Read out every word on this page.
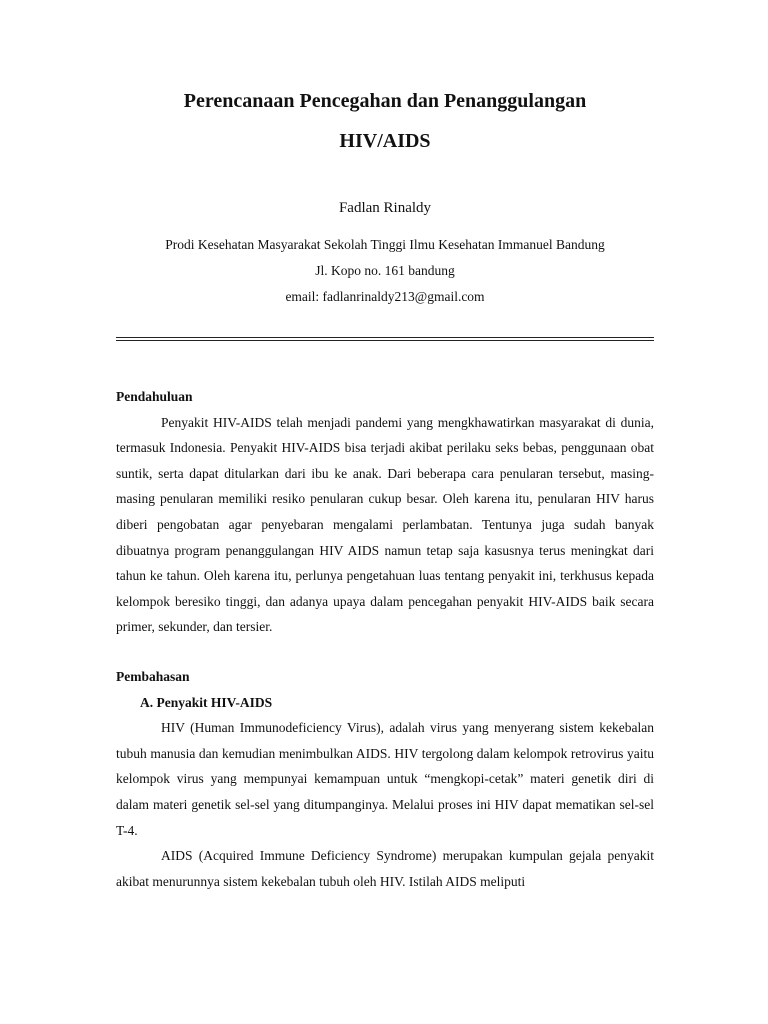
Perencanaan Pencegahan dan Penanggulangan
HIV/AIDS
Fadlan Rinaldy
Prodi Kesehatan Masyarakat Sekolah Tinggi Ilmu Kesehatan Immanuel Bandung
Jl. Kopo no. 161 bandung
email: fadlanrinaldy213@gmail.com
Pendahuluan

Penyakit HIV-AIDS telah menjadi pandemi yang mengkhawatirkan masyarakat di dunia, termasuk Indonesia. Penyakit HIV-AIDS bisa terjadi akibat perilaku seks bebas, penggunaan obat suntik, serta dapat ditularkan dari ibu ke anak. Dari beberapa cara penularan tersebut, masing-masing penularan memiliki resiko penularan cukup besar. Oleh karena itu, penularan HIV harus diberi pengobatan agar penyebaran mengalami perlambatan. Tentunya juga sudah banyak dibuatnya program penanggulangan HIV AIDS namun tetap saja kasusnya terus meningkat dari tahun ke tahun. Oleh karena itu, perlunya pengetahuan luas tentang penyakit ini, terkhusus kepada kelompok beresiko tinggi, dan adanya upaya dalam pencegahan penyakit HIV-AIDS baik secara primer, sekunder, dan tersier.

Pembahasan
A. Penyakit HIV-AIDS

HIV (Human Immunodeficiency Virus), adalah virus yang menyerang sistem kekebalan tubuh manusia dan kemudian menimbulkan AIDS. HIV tergolong dalam kelompok retrovirus yaitu kelompok virus yang mempunyai kemampuan untuk “mengkopi-cetak” materi genetik diri di dalam materi genetik sel-sel yang ditumpanginya. Melalui proses ini HIV dapat mematikan sel-sel T-4.

AIDS (Acquired Immune Deficiency Syndrome) merupakan kumpulan gejala penyakit akibat menurunnya sistem kekebalan tubuh oleh HIV. Istilah AIDS meliputi
